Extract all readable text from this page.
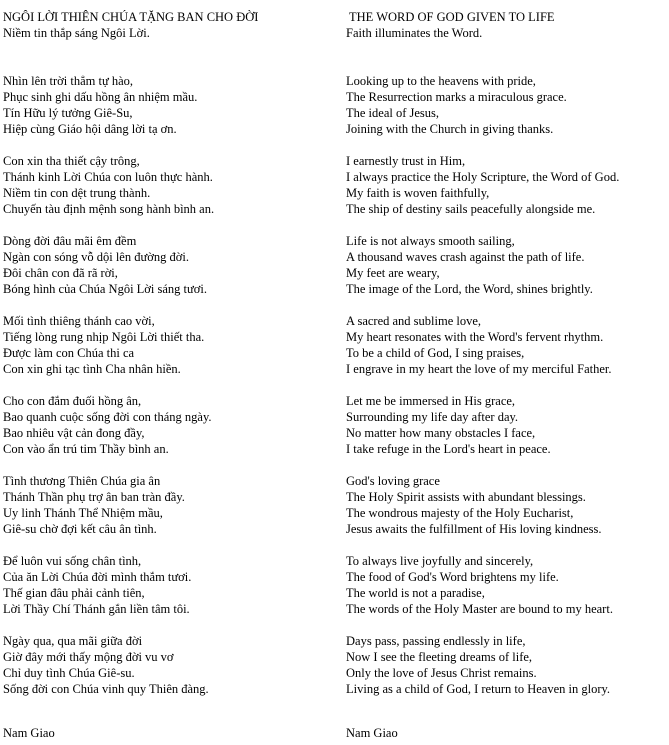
NGÔI LỜI THIÊN CHÚA TẶNG BAN CHO ĐỜI
Niềm tin thắp sáng Ngôi Lời.
Nhìn lên trời thẳm tự hào,
Phục sinh ghi dấu hồng ân nhiệm mầu.
Tín Hữu lý tưởng Giê-Su,
Hiệp cùng Giáo hội dâng lời tạ ơn.
Con xin tha thiết cậy trông,
Thánh kinh Lời Chúa con luôn thực hành.
Niềm tin con dệt trung thành.
Chuyến tàu định mệnh song hành bình an.
Dòng đời đâu mãi êm đềm
Ngàn con sóng vỗ dội lên đường đời.
Đôi chân con đã rã rời,
Bóng hình của Chúa Ngôi Lời sáng tươi.
Mối tình thiêng thánh cao vời,
Tiếng lòng rung nhịp Ngôi Lời thiết tha.
Được làm con Chúa thi ca
Con xin ghi tạc tình Cha nhân hiền.
Cho con đắm đuối hồng ân,
Bao quanh cuộc sống đời con tháng ngày.
Bao nhiêu vật cản đong đầy,
Con vào ẩn trú tim Thầy bình an.
Tình thương Thiên Chúa gia ân
Thánh Thần phụ trợ ân ban tràn đầy.
Uy linh Thánh Thể Nhiệm mầu,
Giê-su chờ đợi kết câu ân tình.
Để luôn vui sống chân tình,
Của ăn Lời Chúa đời mình thắm tươi.
Thế gian đâu phải cảnh tiên,
Lời Thầy Chí Thánh gắn liền tâm tôi.
Ngày qua, qua mãi giữa đời
Giờ đây mới thấy mộng đời vu vơ
Chỉ duy tình Chúa Giê-su.
Sống đời con Chúa vinh quy Thiên đàng.
THE WORD OF GOD GIVEN TO LIFE
Faith illuminates the Word.
Looking up to the heavens with pride,
The Resurrection marks a miraculous grace.
The ideal of Jesus,
Joining with the Church in giving thanks.
I earnestly trust in Him,
I always practice the Holy Scripture, the Word of God.
My faith is woven faithfully,
The ship of destiny sails peacefully alongside me.
Life is not always smooth sailing,
A thousand waves crash against the path of life.
My feet are weary,
The image of the Lord, the Word, shines brightly.
A sacred and sublime love,
My heart resonates with the Word's fervent rhythm.
To be a child of God, I sing praises,
I engrave in my heart the love of my merciful Father.
Let me be immersed in His grace,
Surrounding my life day after day.
No matter how many obstacles I face,
I take refuge in the Lord's heart in peace.
God's loving grace
The Holy Spirit assists with abundant blessings.
The wondrous majesty of the Holy Eucharist,
Jesus awaits the fulfillment of His loving kindness.
To always live joyfully and sincerely,
The food of God's Word brightens my life.
The world is not a paradise,
The words of the Holy Master are bound to my heart.
Days pass, passing endlessly in life,
Now I see the fleeting dreams of life,
Only the love of Jesus Christ remains.
Living as a child of God, I return to Heaven in glory.
Nam Giao	Nam Giao
